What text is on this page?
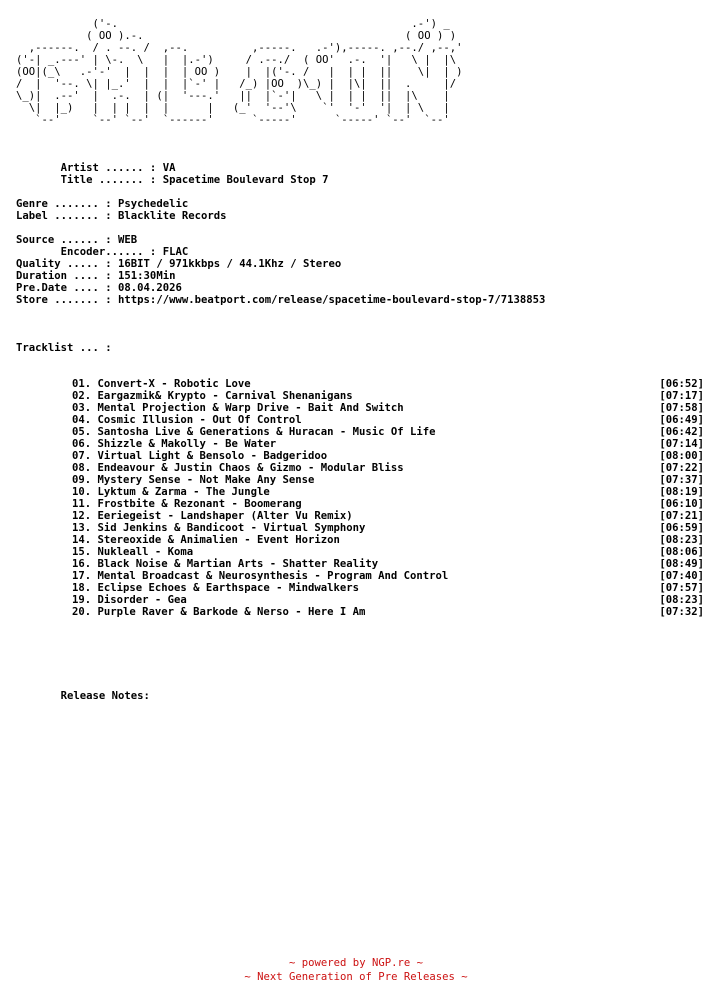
('-.                                              .-') _
( OO ).-.                                         ( OO ) )
,------.  / . --. /  ,--.          ,-----.   .-'),-----. ,--./ ,--,'
('-| _.---' | \-.  \   |  |.-')     / .--./  ( OO'  .-.  '|   \ |  |\
(OO|(_\   .-'-'  |  |  |  | OO )    |  |('-. /   |  | |  ||    \|  | )
/  |  '--. \| |_.'  |  |  |`-' |   /_) |OO  )\_) |  |\|  ||  .     |/
\_)|  .--'  |  .-.  | (|  '---.'   ||  |`-'|   \ |  | |  ||  |\    |
\|  |_)   |  | |  |  |      |   (_'  '--'\    `'  '-'  '|  | \   |
`--'     `--' `--'  `------'      `-----'      `-----' `--'  `--'
Artist ...... : VA
Title ....... : Spacetime Boulevard Stop 7
Genre ....... : Psychedelic
Label ....... : Blacklite Records
Source ...... : WEB
Encoder...... : FLAC
Quality ..... : 16BIT / 971kkbps / 44.1Khz / Stereo
Duration .... : 151:30Min
Pre.Date .... : 08.04.2026
Store ....... : https://www.beatport.com/release/spacetime-boulevard-stop-7/7138853
Tracklist ... :
01. Convert-X - Robotic Love	[06:52]
02. Eargazmik& Krypto - Carnival Shenanigans	[07:17]
03. Mental Projection & Warp Drive - Bait And Switch	[07:58]
04. Cosmic Illusion - Out Of Control	[06:49]
05. Santosha Live & Generations & Huracan - Music Of Life	[06:42]
06. Shizzle & Makolly - Be Water	[07:14]
07. Virtual Light & Bensolo - Badgeridoo	[08:00]
08. Endeavour & Justin Chaos & Gizmo - Modular Bliss	[07:22]
09. Mystery Sense - Not Make Any Sense	[07:37]
10. Lyktum & Zarma - The Jungle	[08:19]
11. Frostbite & Rezonant - Boomerang	[06:10]
12. Eeriegeist - Landshaper (Alter Vu Remix)	[07:21]
13. Sid Jenkins & Bandicoot - Virtual Symphony	[06:59]
14. Stereoxide & Animalien - Event Horizon	[08:23]
15. Nukleall - Koma	[08:06]
16. Black Noise & Martian Arts - Shatter Reality	[08:49]
17. Mental Broadcast & Neurosynthesis - Program And Control	[07:40]
18. Eclipse Echoes & Earthspace - Mindwalkers	[07:57]
19. Disorder - Gea	[08:23]
20. Purple Raver & Barkode & Nerso - Here I Am	[07:32]
Release Notes:
~ powered by NGP.re ~
~ Next Generation of Pre Releases ~
